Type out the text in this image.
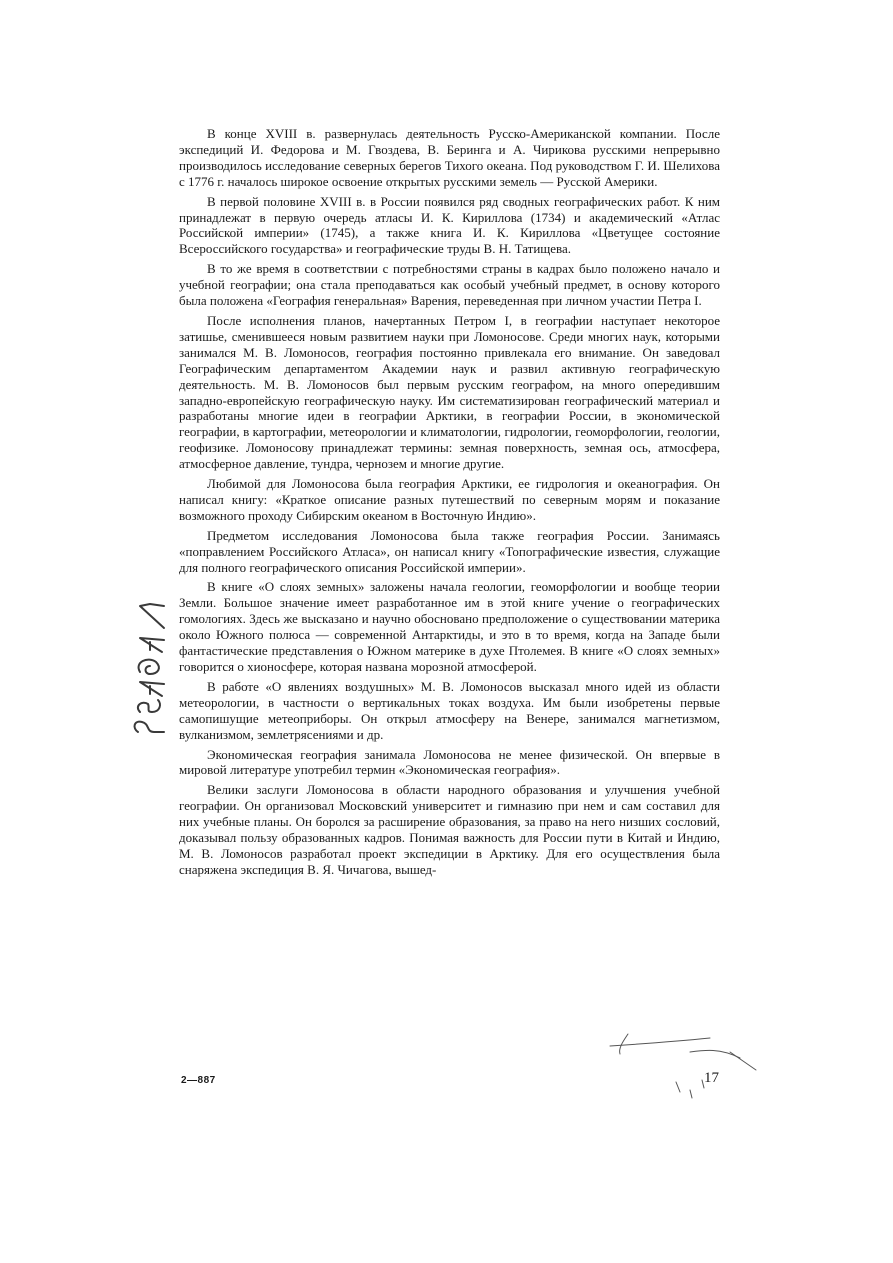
В конце XVIII в. развернулась деятельность Русско-Американской компании. После экспедиций И. Федорова и М. Гвоздева, В. Беринга и А. Чирикова русскими непрерывно производилось исследование северных берегов Тихого океана. Под руководством Г. И. Шелихова с 1776 г. началось широкое освоение открытых русскими земель — Русской Америки.

В первой половине XVIII в. в России появился ряд сводных географических работ. К ним принадлежат в первую очередь атласы И. К. Кириллова (1734) и академический «Атлас Российской империи» (1745), а также книга И. К. Кириллова «Цветущее состояние Всероссийского государства» и географические труды В. Н. Татищева.

В то же время в соответствии с потребностями страны в кадрах было положено начало и учебной географии; она стала преподаваться как особый учебный предмет, в основу которого была положена «География генеральная» Варения, переведенная при личном участии Петра I.

После исполнения планов, начертанных Петром I, в географии наступает некоторое затишье, сменившееся новым развитием науки при Ломоносове. Среди многих наук, которыми занимался М. В. Ломоносов, география постоянно привлекала его внимание. Он заведовал Географическим департаментом Академии наук и развил активную географическую деятельность. М. В. Ломоносов был первым русским географом, на много опередившим западно-европейскую географическую науку. Им систематизирован географический материал и разработаны многие идеи в географии Арктики, в географии России, в экономической географии, в картографии, метеорологии и климатологии, гидрологии, геоморфологии, геологии, геофизике. Ломоносову принадлежат термины: земная поверхность, земная ось, атмосфера, атмосферное давление, тундра, чернозем и многие другие.

Любимой для Ломоносова была география Арктики, ее гидрология и океанография. Он написал книгу: «Краткое описание разных путешествий по северным морям и показание возможного проходу Сибирским океаном в Восточную Индию».

Предметом исследования Ломоносова была также география России. Занимаясь «поправлением Российского Атласа», он написал книгу «Топографические известия, служащие для полного географического описания Российской империи».

В книге «О слоях земных» заложены начала геологии, геоморфологии и вообще теории Земли. Большое значение имеет разработанное им в этой книге учение о географических гомологиях. Здесь же высказано и научно обосновано предположение о существовании материка около Южного полюса — современной Антарктиды, и это в то время, когда на Западе были фантастические представления о Южном материке в духе Птолемея. В книге «О слоях земных» говорится о хионосфере, которая названа морозной атмосферой.

В работе «О явлениях воздушных» М. В. Ломоносов высказал много идей из области метеорологии, в частности о вертикальных токах воздуха. Им были изобретены первые самопишущие метеоприборы. Он открыл атмосферу на Венере, занимался магнетизмом, вулканизмом, землетрясениями и др.

Экономическая география занимала Ломоносова не менее физической. Он впервые в мировой литературе употребил термин «Экономическая география».

Велики заслуги Ломоносова в области народного образования и улучшения учебной географии. Он организовал Московский университет и гимназию при нем и сам составил для них учебные планы. Он боролся за расширение образования, за право на него низших сословий, доказывал пользу образованных кадров. Понимая важность для России пути в Китай и Индию, М. В. Ломоносов разработал проект экспедиции в Арктику. Для его осуществления была снаряжена экспедиция В. Я. Чичагова, вышед-

2—887	17
